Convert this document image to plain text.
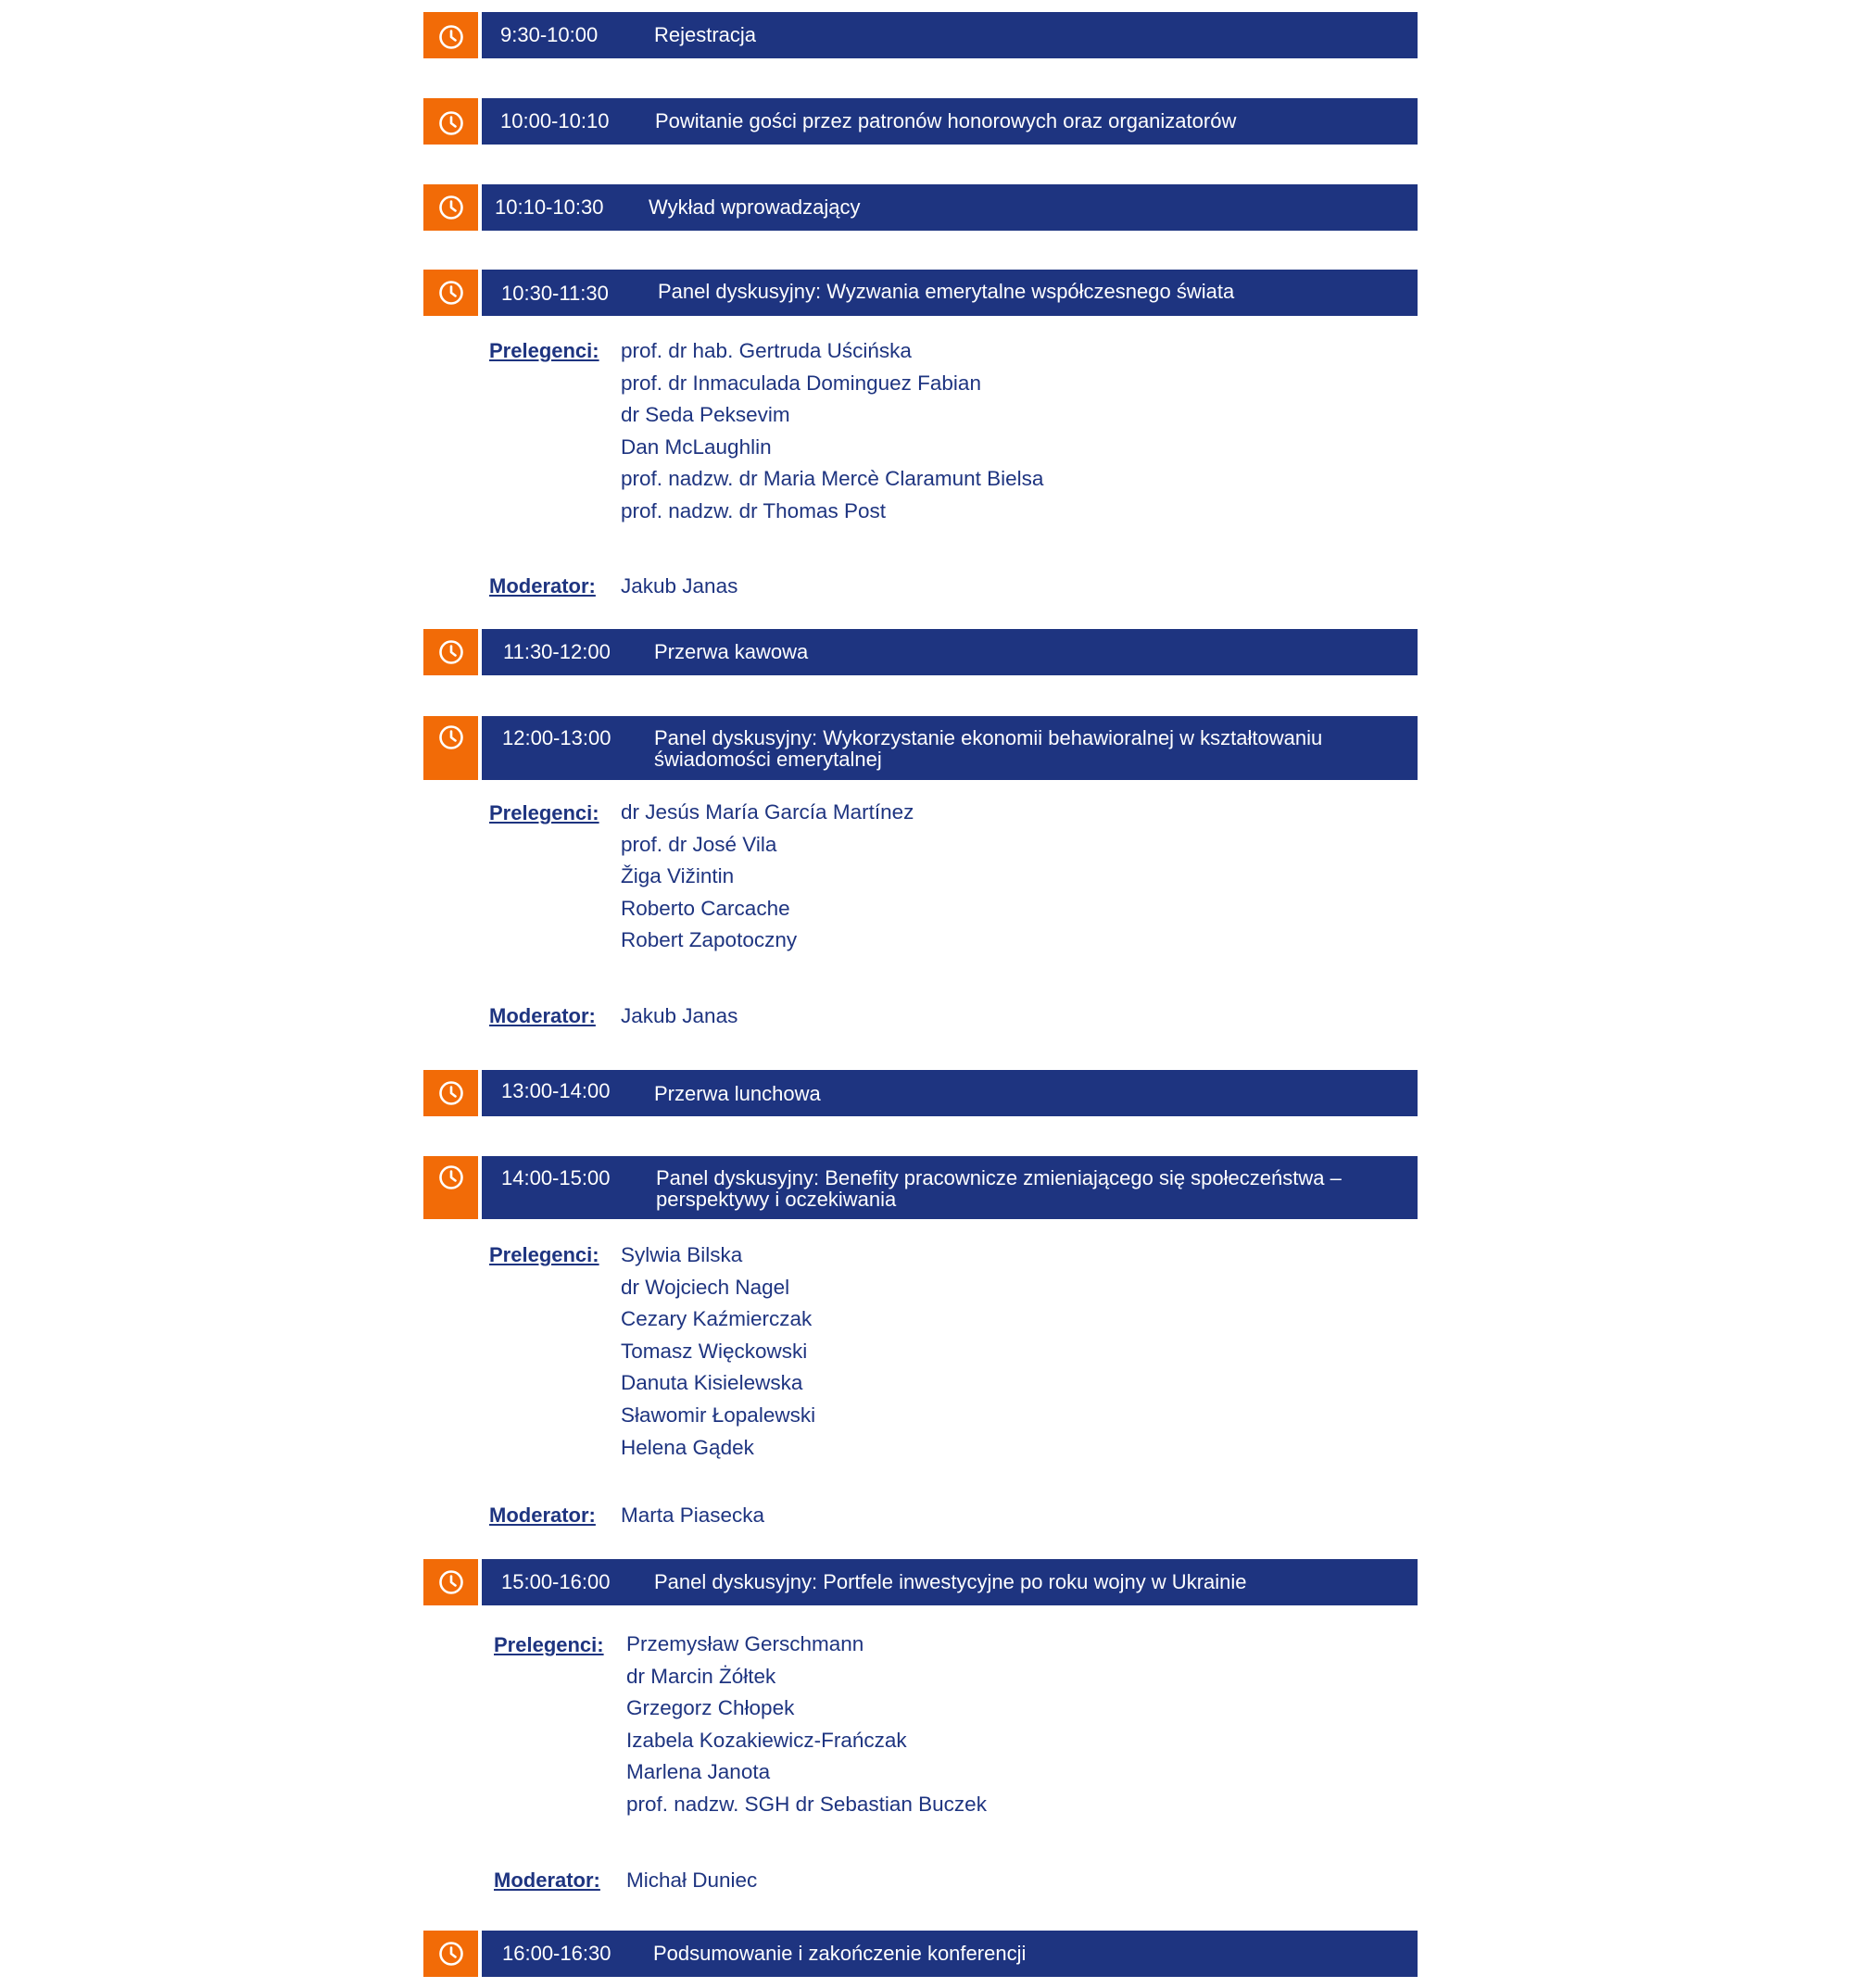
9:30-10:00	Rejestracja
10:00-10:10 Powitanie gości przez patronów honorowych oraz organizatorów
10:10-10:30 Wykład wprowadzający
10:30-11:30 Panel dyskusyjny: Wyzwania emerytalne współczesnego świata
Prelegenci: prof. dr hab. Gertruda Uścińska
prof. dr Inmaculada Dominguez Fabian
dr Seda Peksevim
Dan McLaughlin
prof. nadzw. dr Maria Mercè Claramunt Bielsa
prof. nadzw. dr Thomas Post
Moderator: Jakub Janas
11:30-12:00 Przerwa kawowa
12:00-13:00 Panel dyskusyjny: Wykorzystanie ekonomii behawioralnej w kształtowaniu świadomości emerytalnej
Prelegenci: dr Jesús María García Martínez
prof. dr José Vila
Žiga Vižintin
Roberto Carcache
Robert Zapotoczny
Moderator: Jakub Janas
13:00-14:00 Przerwa lunchowa
14:00-15:00 Panel dyskusyjny: Benefity pracownicze zmieniającego się społeczeństwa – perspektywy i oczekiwania
Prelegenci: Sylwia Bilska
dr Wojciech Nagel
Cezary Kaźmierczak
Tomasz Więckowski
Danuta Kisielewska
Sławomir Łopalewski
Helena Gądek
Moderator: Marta Piasecka
15:00-16:00 Panel dyskusyjny: Portfele inwestycyjne po roku wojny w Ukrainie
Prelegenci: Przemysław Gerschmann
dr Marcin Żółtek
Grzegorz Chłopek
Izabela Kozakiewicz-Frańczak
Marlena Janota
prof. nadzw. SGH dr Sebastian Buczek
Moderator: Michał Duniec
16:00-16:30 Podsumowanie i zakończenie konferencji
